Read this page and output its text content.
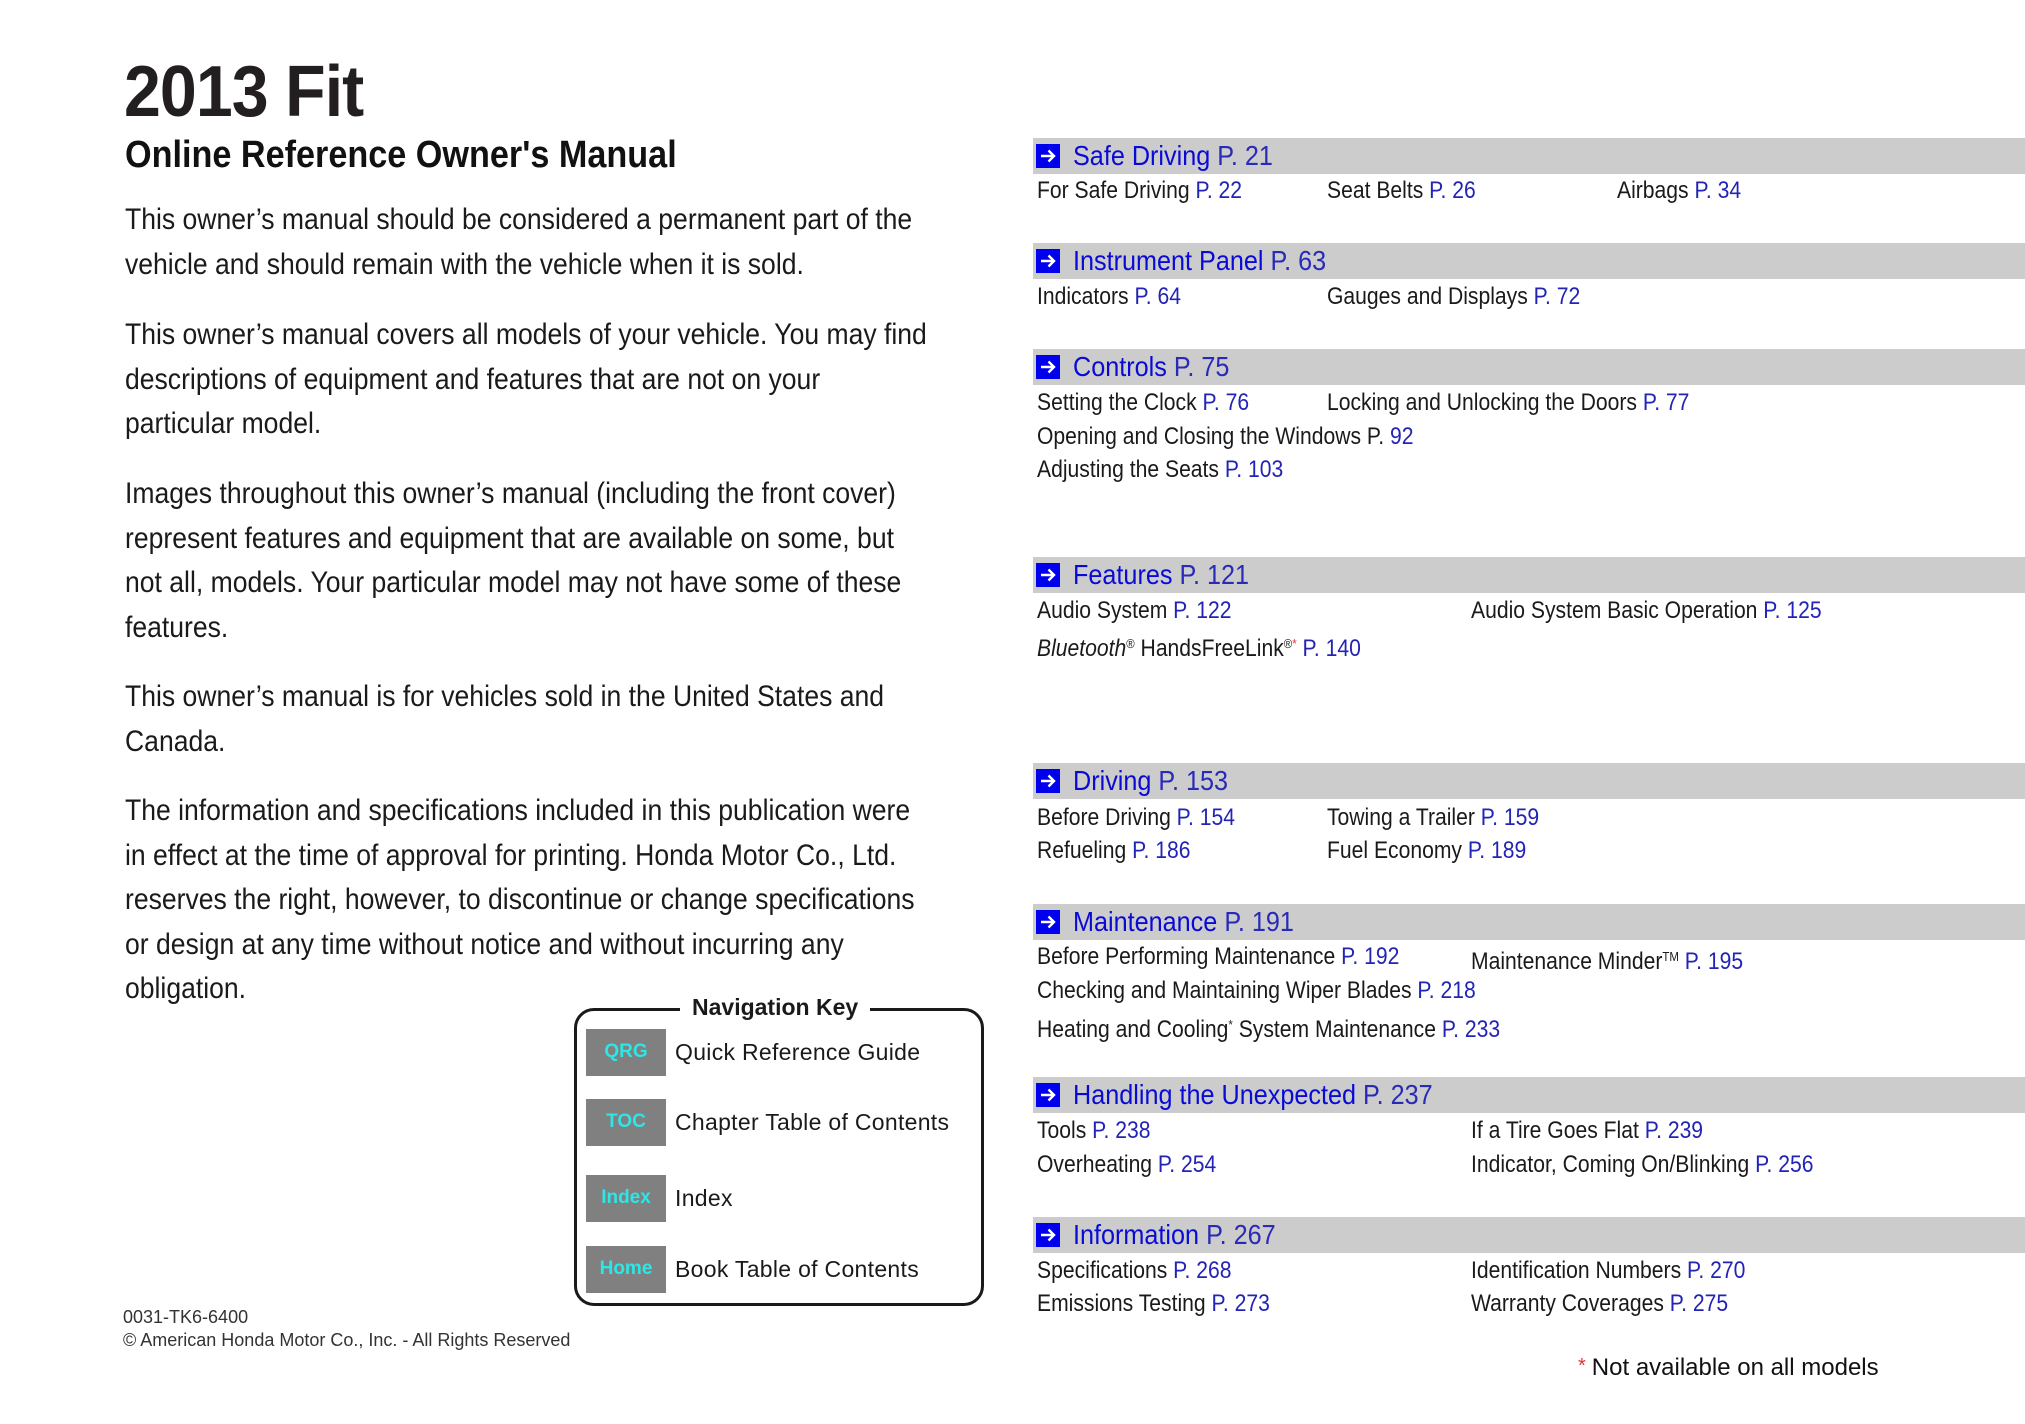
2013 Fit
Online Reference Owner's Manual
This owner’s manual should be considered a permanent part of the
vehicle and should remain with the vehicle when it is sold.
This owner’s manual covers all models of your vehicle. You may find
descriptions of equipment and features that are not on your
particular model.
Images throughout this owner’s manual (including the front cover)
represent features and equipment that are available on some, but
not all, models. Your particular model may not have some of these
features.
This owner’s manual is for vehicles sold in the United States and
Canada.
The information and specifications included in this publication were
in effect at the time of approval for printing. Honda Motor Co., Ltd.
reserves the right, however, to discontinue or change specifications
or design at any time without notice and without incurring any
obligation.
Navigation Key
QRG	Quick Reference Guide
TOC	Chapter Table of Contents
Index	Index
Home Book Table of Contents
0031-TK6-6400
© American Honda Motor Co., Inc. - All Rights Reserved
Safe Driving P. 21
For Safe Driving P. 22	Seat Belts P. 26	Airbags P. 34
Instrument Panel P. 63
Indicators P. 64	Gauges and Displays P. 72
Controls P. 75
Setting the Clock P. 76	Locking and Unlocking the Doors P. 77
Opening and Closing the Windows P. 92
Adjusting the Seats P. 103
Features P. 121
Audio System P. 122	Audio System Basic Operation P. 125
Bluetooth® HandsFreeLink®* P. 140
Driving P. 153
Before Driving P. 154	Towing a Trailer P. 159
Refueling P. 186	Fuel Economy P. 189
Maintenance P. 191
Before Performing Maintenance P. 192	Maintenance Minder™ P. 195
Checking and Maintaining Wiper Blades P. 218
Heating and Cooling* System Maintenance P. 233
Handling the Unexpected P. 237
Tools P. 238	If a Tire Goes Flat P. 239
Overheating P. 254	Indicator, Coming On/Blinking P. 256
Information P. 267
Specifications P. 268	Identification Numbers P. 270
Emissions Testing P. 273	Warranty Coverages P. 275
* Not available on all models
